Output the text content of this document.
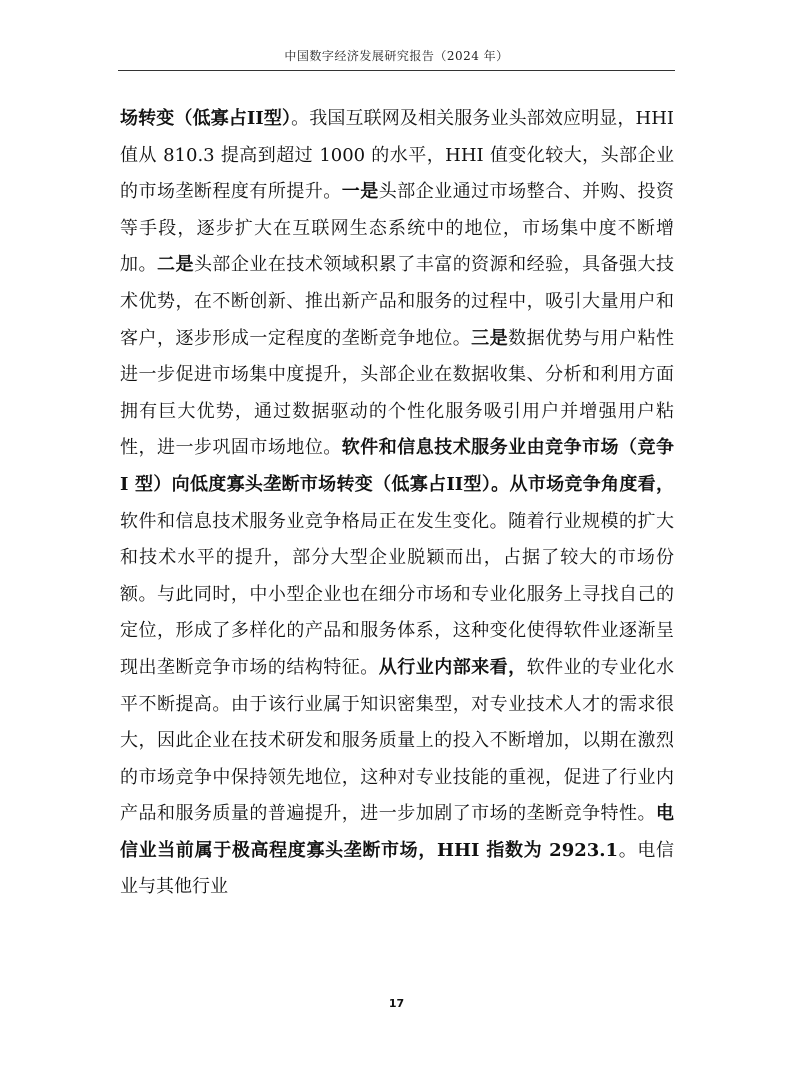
中国数字经济发展研究报告（2024 年）

场转变（低寡占II型）。我国互联网及相关服务业头部效应明显，HHI值从 810.3 提高到超过 1000 的水平，HHI 值变化较大，头部企业的市场垄断程度有所提升。一是头部企业通过市场整合、并购、投资等手段，逐步扩大在互联网生态系统中的地位，市场集中度不断增加。二是头部企业在技术领域积累了丰富的资源和经验，具备强大技术优势，在不断创新、推出新产品和服务的过程中，吸引大量用户和客户，逐步形成一定程度的垄断竞争地位。三是数据优势与用户粘性进一步促进市场集中度提升，头部企业在数据收集、分析和利用方面拥有巨大优势，通过数据驱动的个性化服务吸引用户并增强用户粘性，进一步巩固市场地位。软件和信息技术服务业由竞争市场（竞争 I 型）向低度寡头垄断市场转变（低寡占II型）。从市场竞争角度看，软件和信息技术服务业竞争格局正在发生变化。随着行业规模的扩大和技术水平的提升，部分大型企业脱颖而出，占据了较大的市场份额。与此同时，中小型企业也在细分市场和专业化服务上寻找自己的定位，形成了多样化的产品和服务体系，这种变化使得软件业逐渐呈现出垄断竞争市场的结构特征。从行业内部来看，软件业的专业化水平不断提高。由于该行业属于知识密集型，对专业技术人才的需求很大，因此企业在技术研发和服务质量上的投入不断增加，以期在激烈的市场竞争中保持领先地位，这种对专业技能的重视，促进了行业内产品和服务质量的普遍提升，进一步加剧了市场的垄断竞争特性。电信业当前属于极高程度寡头垄断市场，HHI 指数为 2923.1。电信业与其他行业

17
